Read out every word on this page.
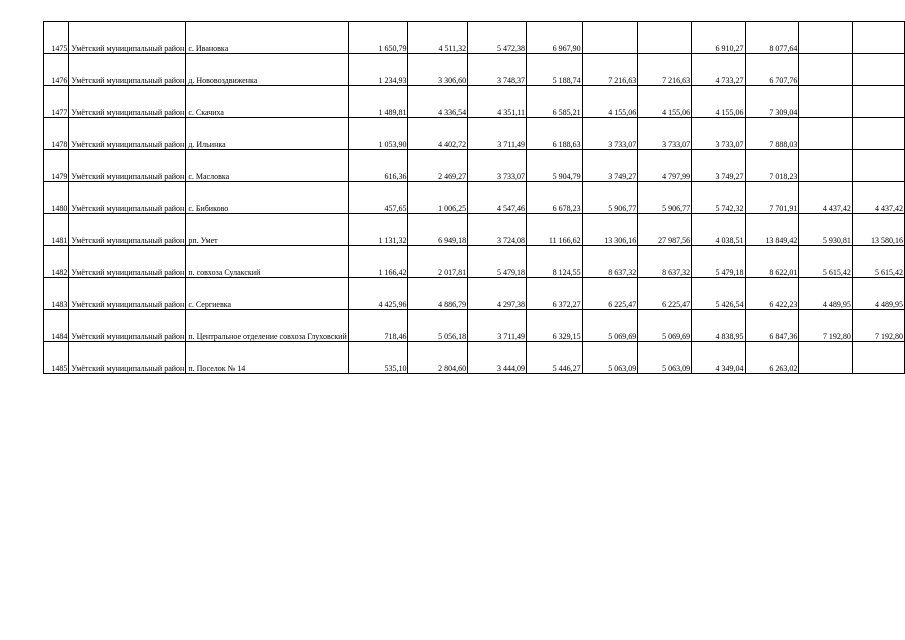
1475	Умётский муниципальный район	с. Ивановка	1 650,79	4 511,32	5 472,38	6 967,90			6 910,27	8 077,64		
1476	Умётский муниципальный район	д. Нововоздвиженка	1 234,93	3 306,60	3 748,37	5 188,74	7 216,63	7 216,63	4 733,27	6 707,76		
1477	Умётский муниципальный район	с. Скачиха	1 489,81	4 336,54	4 351,11	6 585,21	4 155,06	4 155,06	4 155,06	7 309,04		
1478	Умётский муниципальный район	д. Ильинка	1 053,90	4 402,72	3 711,49	6 188,63	3 733,07	3 733,07	3 733,07	7 888,03		
1479	Умётский муниципальный район	с. Масловка	616,36	2 469,27	3 733,07	5 904,79	3 749,27	4 797,99	3 749,27	7 018,23		
1480	Умётский муниципальный район	с. Бибиково	457,65	1 006,25	4 547,46	6 678,23	5 906,77	5 906,77	5 742,32	7 701,91	4 437,42	4 437,42
1481	Умётский муниципальный район	рп. Умет	1 131,32	6 949,18	3 724,08	11 166,62	13 306,16	27 987,56	4 038,51	13 849,42	5 930,81	13 580,16
1482	Умётский муниципальный район	п. совхоза Сулакский	1 166,42	2 017,81	5 479,18	8 124,55	8 637,32	8 637,32	5 479,18	8 622,01	5 615,42	5 615,42
1483	Умётский муниципальный район	с. Сергиевка	4 425,96	4 886,79	4 297,38	6 372,27	6 225,47	6 225,47	5 426,54	6 422,23	4 489,95	4 489,95
1484	Умётский муниципальный район	п. Центральное отделение совхоза Глуховский	718,46	5 056,18	3 711,49	6 329,15	5 069,69	5 069,69	4 838,95	6 847,36	7 192,80	7 192,80
1485	Умётский муниципальный район	п. Поселок № 14	535,10	2 804,60	3 444,09	5 446,27	5 063,09	5 063,09	4 349,04	6 263,02		
